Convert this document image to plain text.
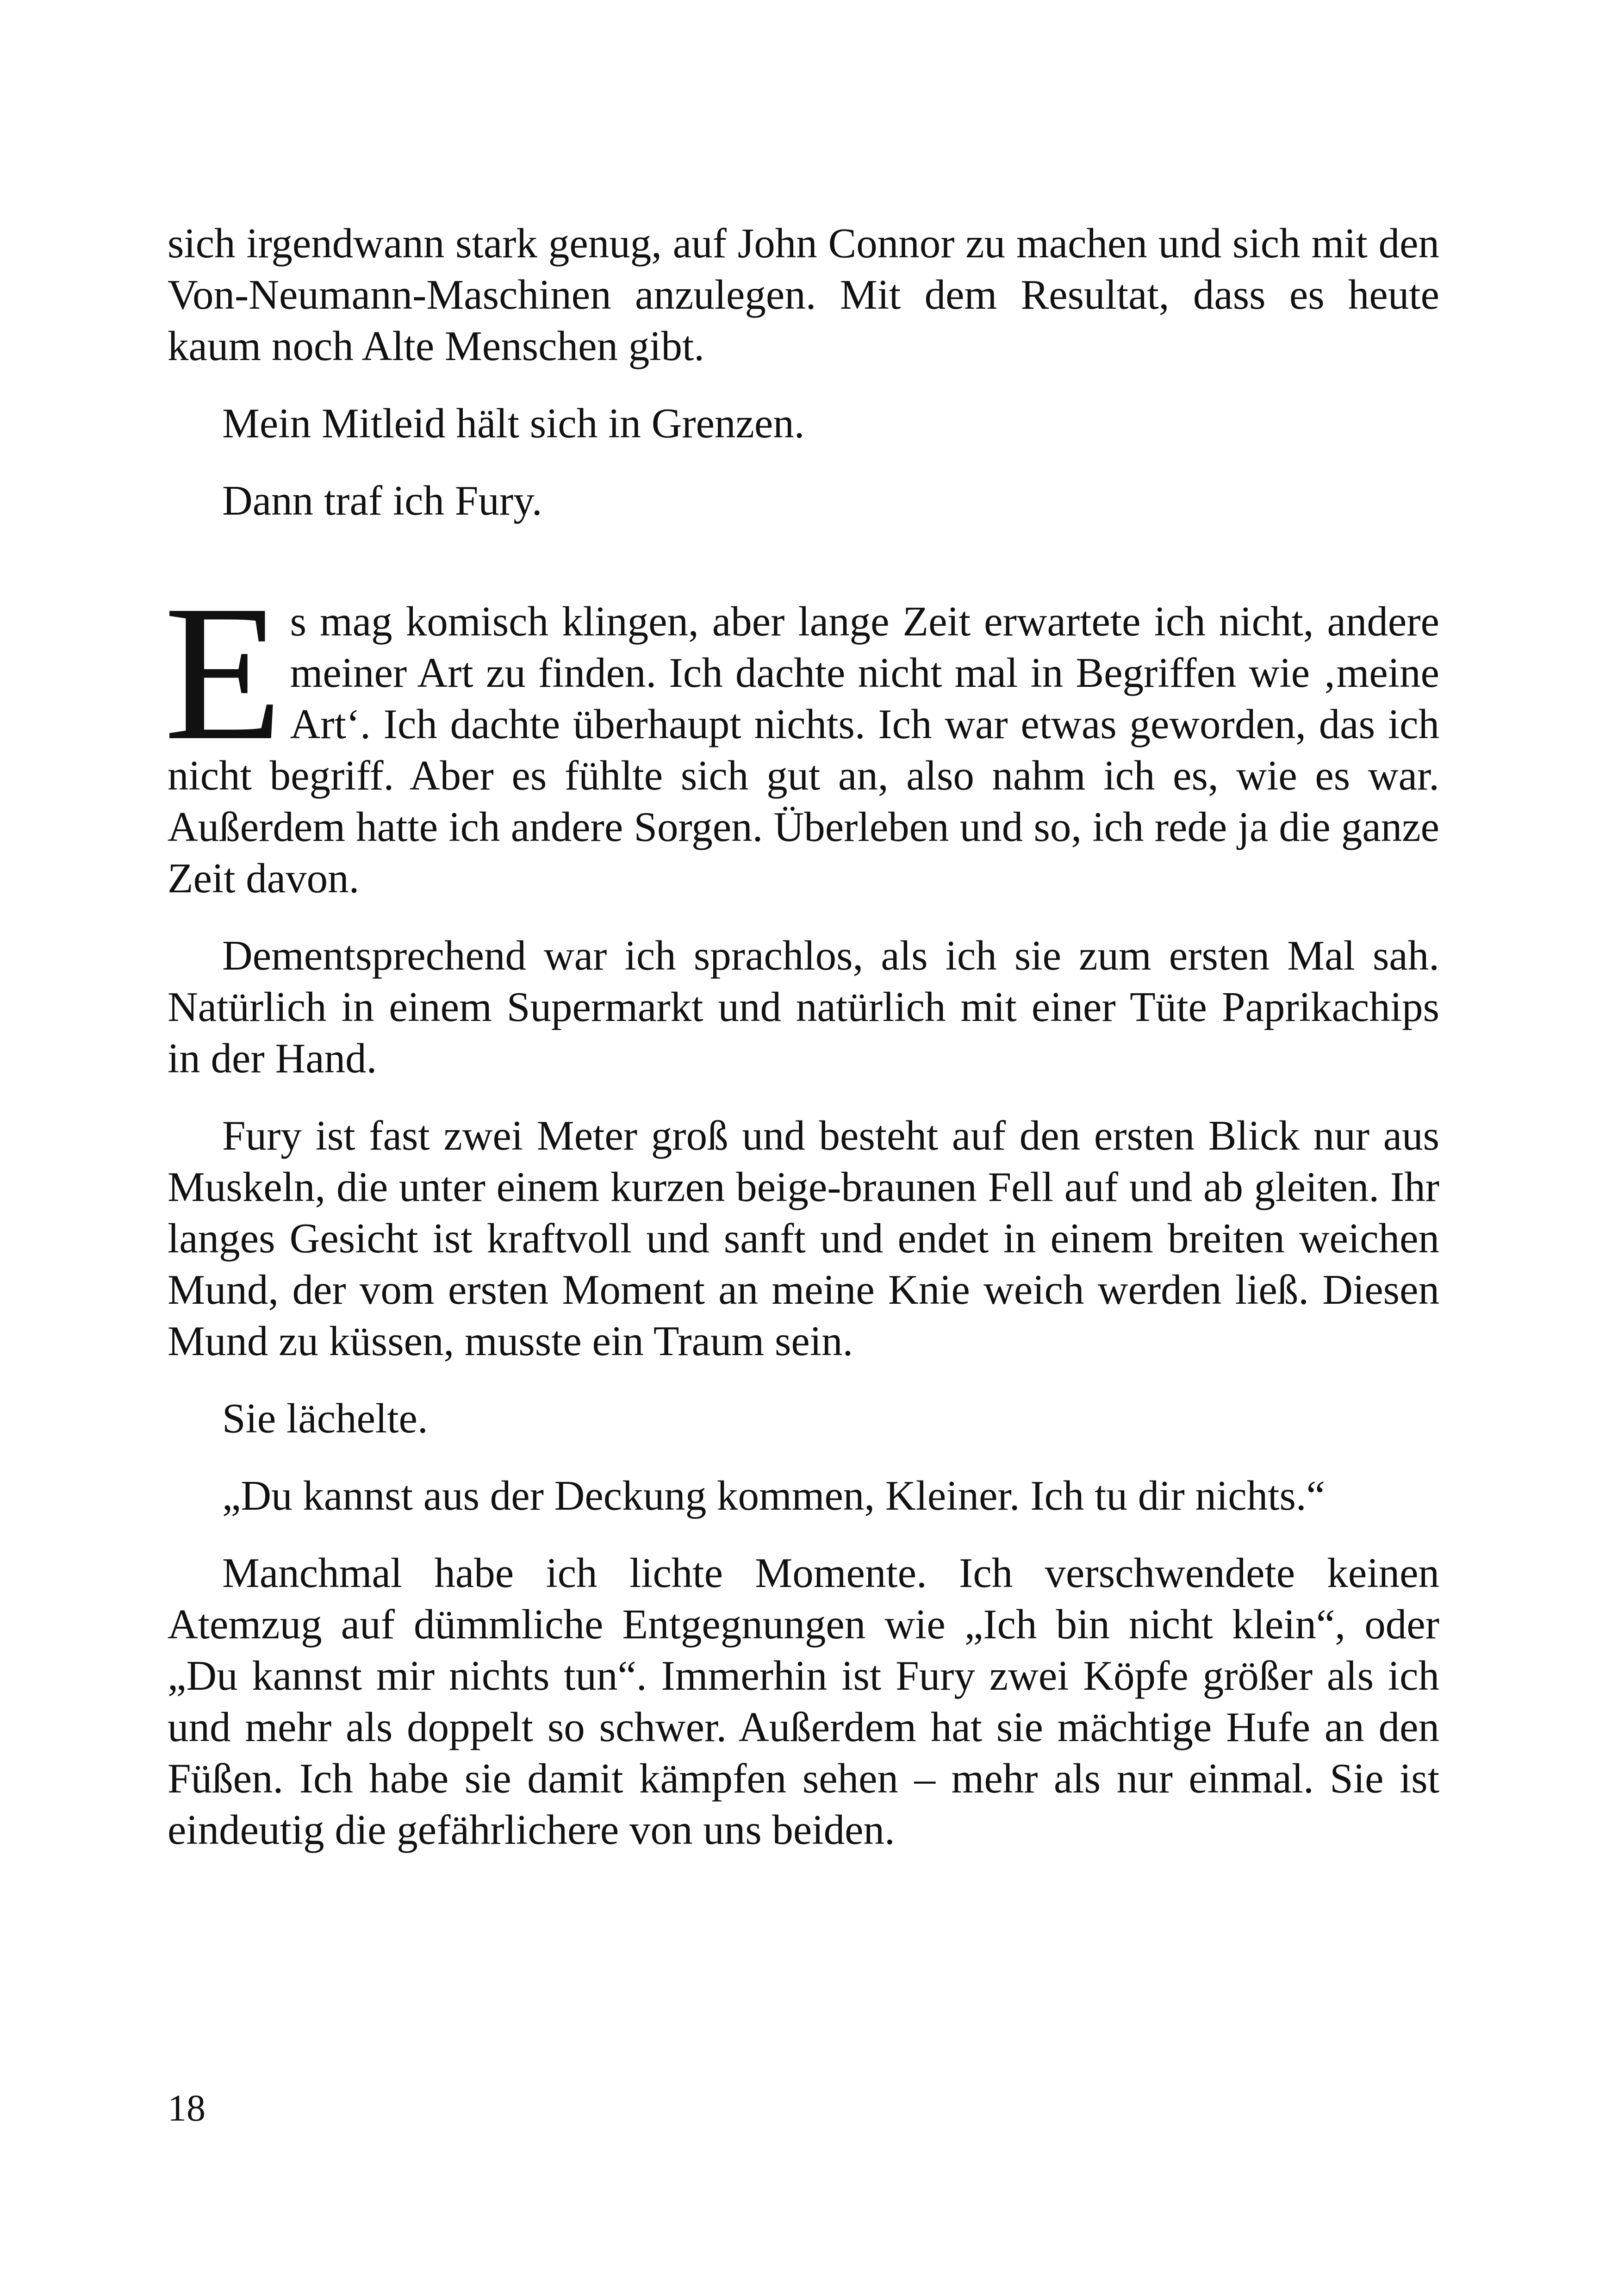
sich irgendwann stark genug, auf John Connor zu machen und sich mit den Von-Neumann-Maschinen anzulegen. Mit dem Resultat, dass es heute kaum noch Alte Menschen gibt.

Mein Mitleid hält sich in Grenzen.

Dann traf ich Fury.

Es mag komisch klingen, aber lange Zeit erwartete ich nicht, andere meiner Art zu finden. Ich dachte nicht mal in Begriffen wie ‚meine Art‘. Ich dachte überhaupt nichts. Ich war etwas geworden, das ich nicht begriff. Aber es fühlte sich gut an, also nahm ich es, wie es war. Außerdem hatte ich andere Sorgen. Überleben und so, ich rede ja die ganze Zeit davon.

Dementsprechend war ich sprachlos, als ich sie zum ersten Mal sah. Natürlich in einem Supermarkt und natürlich mit einer Tüte Paprikachips in der Hand.

Fury ist fast zwei Meter groß und besteht auf den ersten Blick nur aus Muskeln, die unter einem kurzen beige-braunen Fell auf und ab gleiten. Ihr langes Gesicht ist kraftvoll und sanft und endet in einem breiten weichen Mund, der vom ersten Moment an meine Knie weich werden ließ. Diesen Mund zu küssen, musste ein Traum sein.

Sie lächelte.

„Du kannst aus der Deckung kommen, Kleiner. Ich tu dir nichts.“

Manchmal habe ich lichte Momente. Ich verschwendete keinen Atemzug auf dümmliche Entgegnungen wie „Ich bin nicht klein“, oder „Du kannst mir nichts tun“. Immerhin ist Fury zwei Köpfe größer als ich und mehr als doppelt so schwer. Außerdem hat sie mächtige Hufe an den Füßen. Ich habe sie damit kämpfen sehen – mehr als nur einmal. Sie ist eindeutig die gefährlichere von uns beiden.

18
